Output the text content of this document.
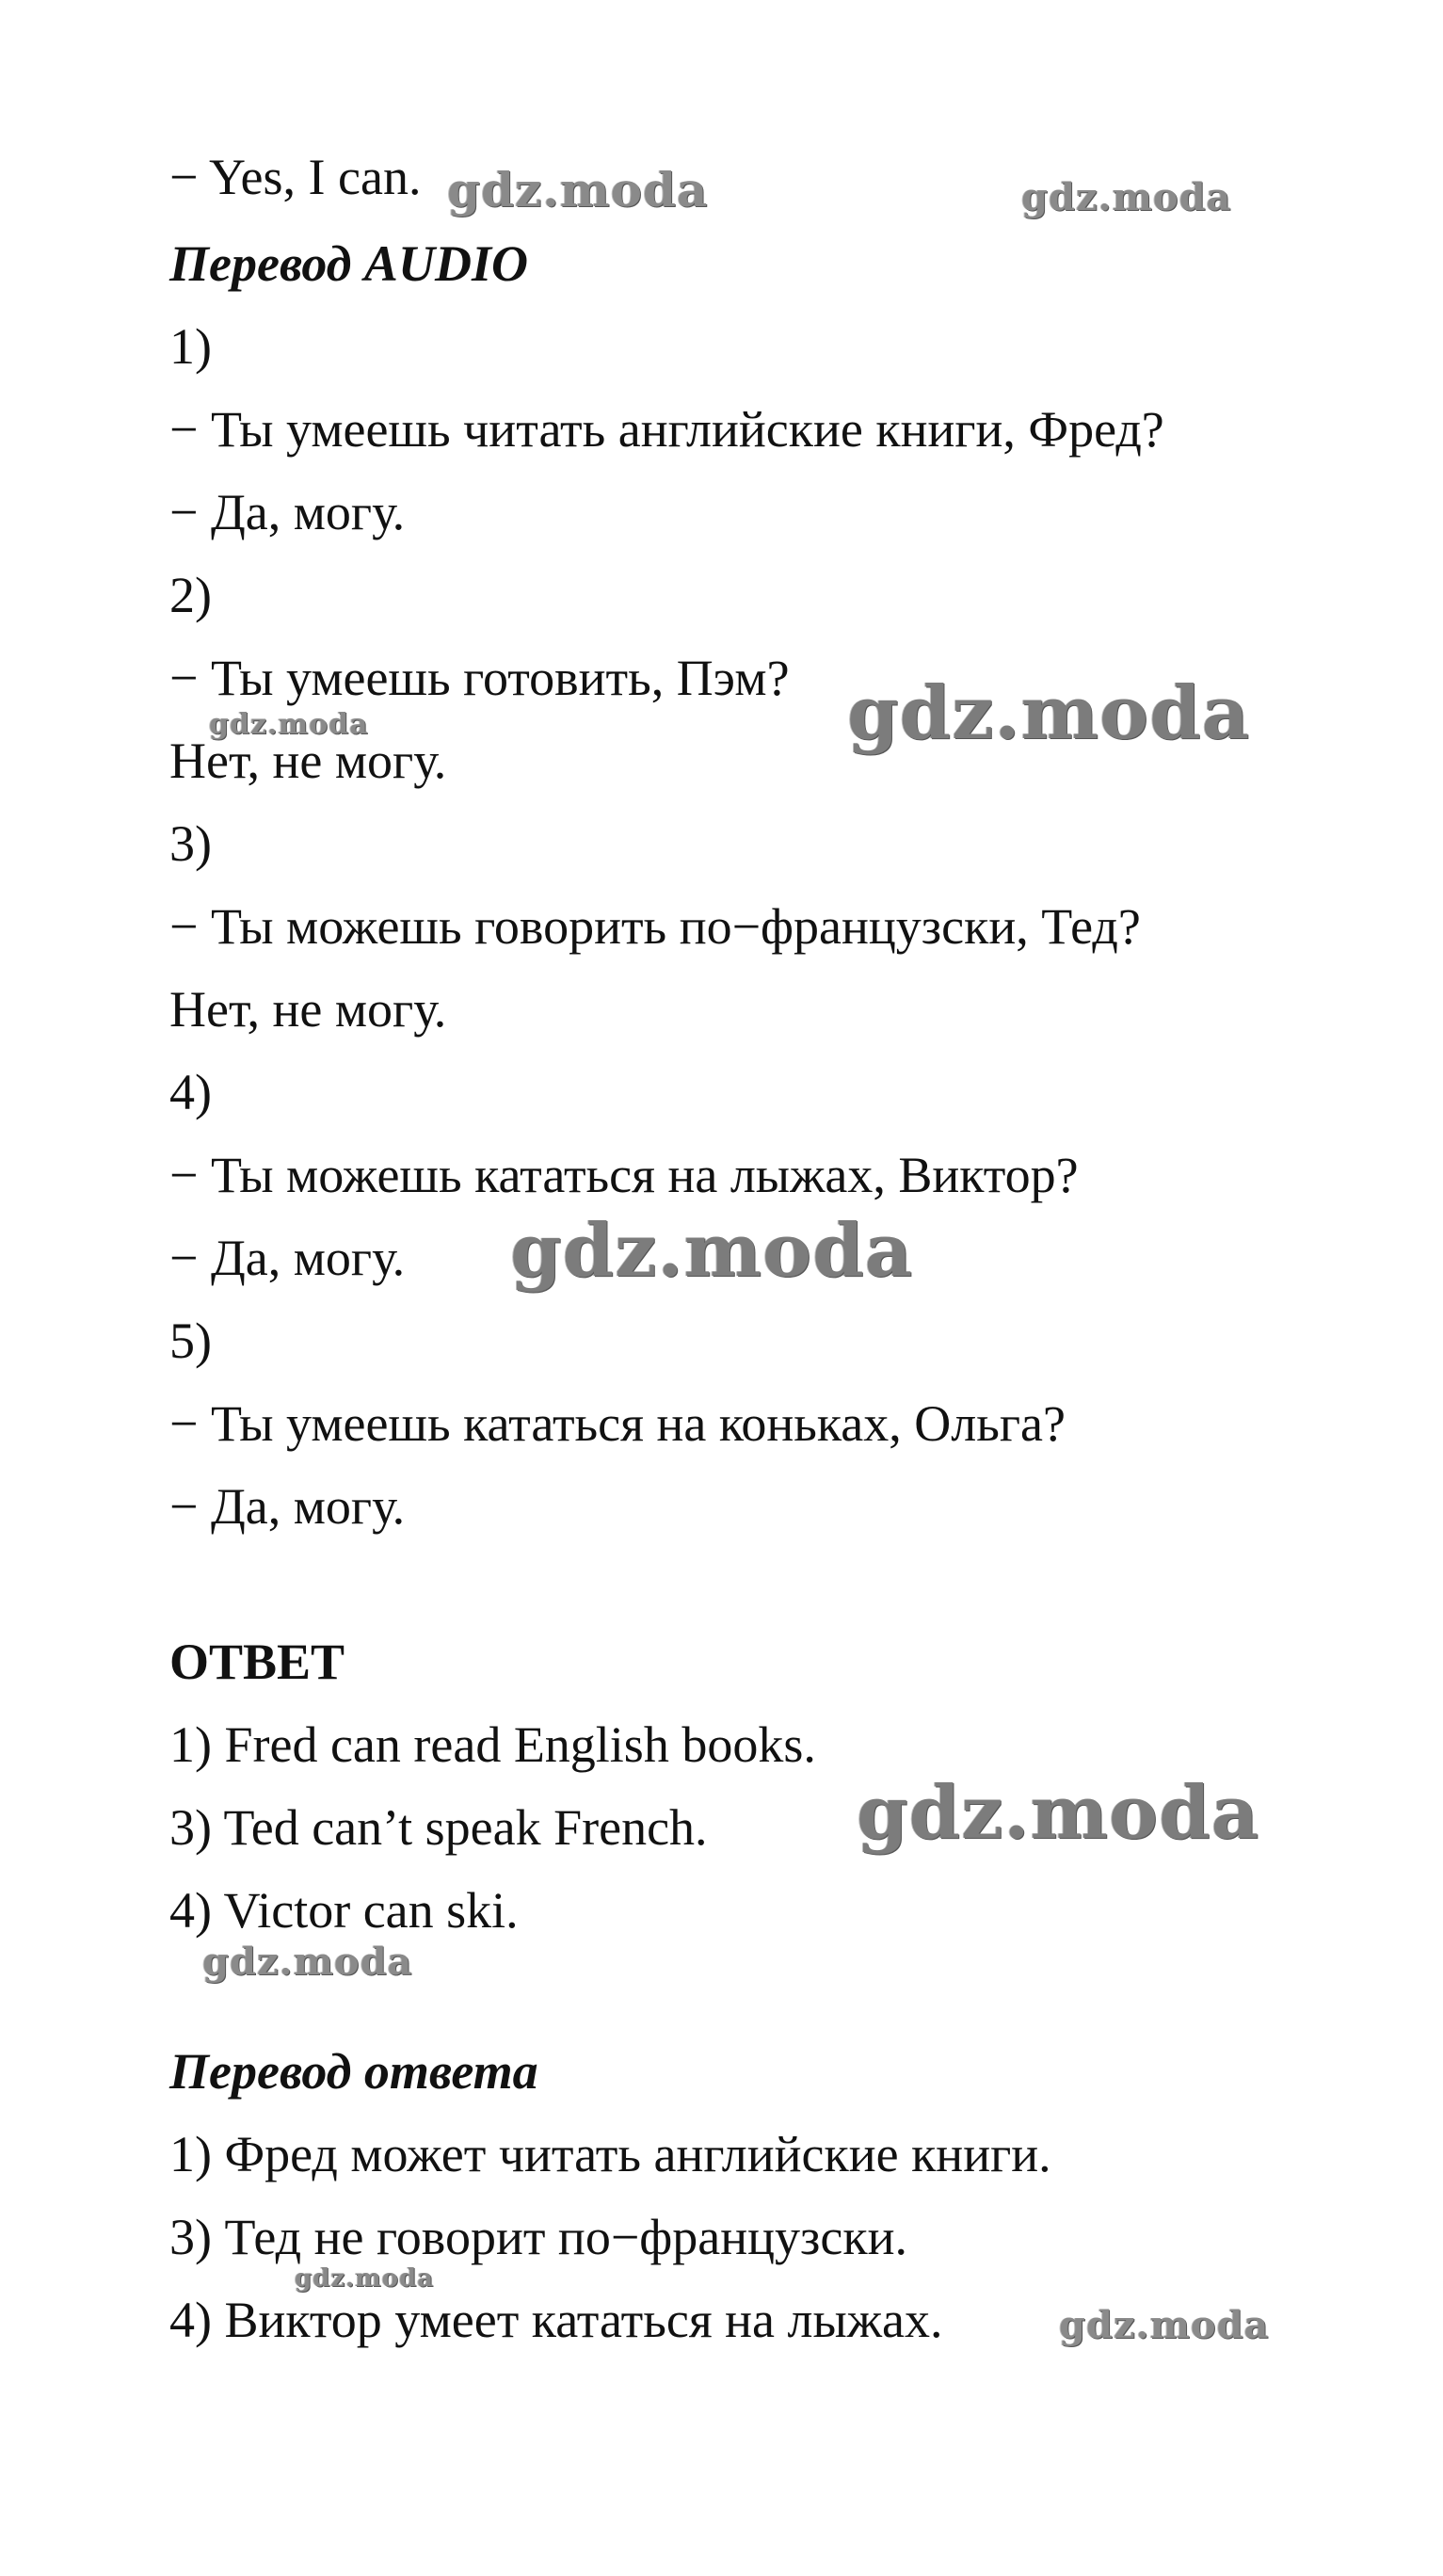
− Yes, I can.
Перевод AUDIO
1)
− Ты умеешь читать английские книги, Фред?
− Да, могу.
2)
− Ты умеешь готовить, Пэм?
Нет, не могу.
3)
− Ты можешь говорить по−французски, Тед?
Нет, не могу.
4)
− Ты можешь кататься на лыжах, Виктор?
− Да, могу.
5)
− Ты умеешь кататься на коньках, Ольга?
− Да, могу.
ОТВЕТ
1) Fred can read English books.
3) Ted can’t speak French.
4) Victor can ski.
Перевод ответа
1) Фред может читать английские книги.
3) Тед не говорит по−французски.
4) Виктор умеет кататься на лыжах.
gdz.moda	gdz.moda
gdz.moda
gdz.moda
gdz.moda
gdz.moda
gdz.moda
gdz.moda
gdz.moda
